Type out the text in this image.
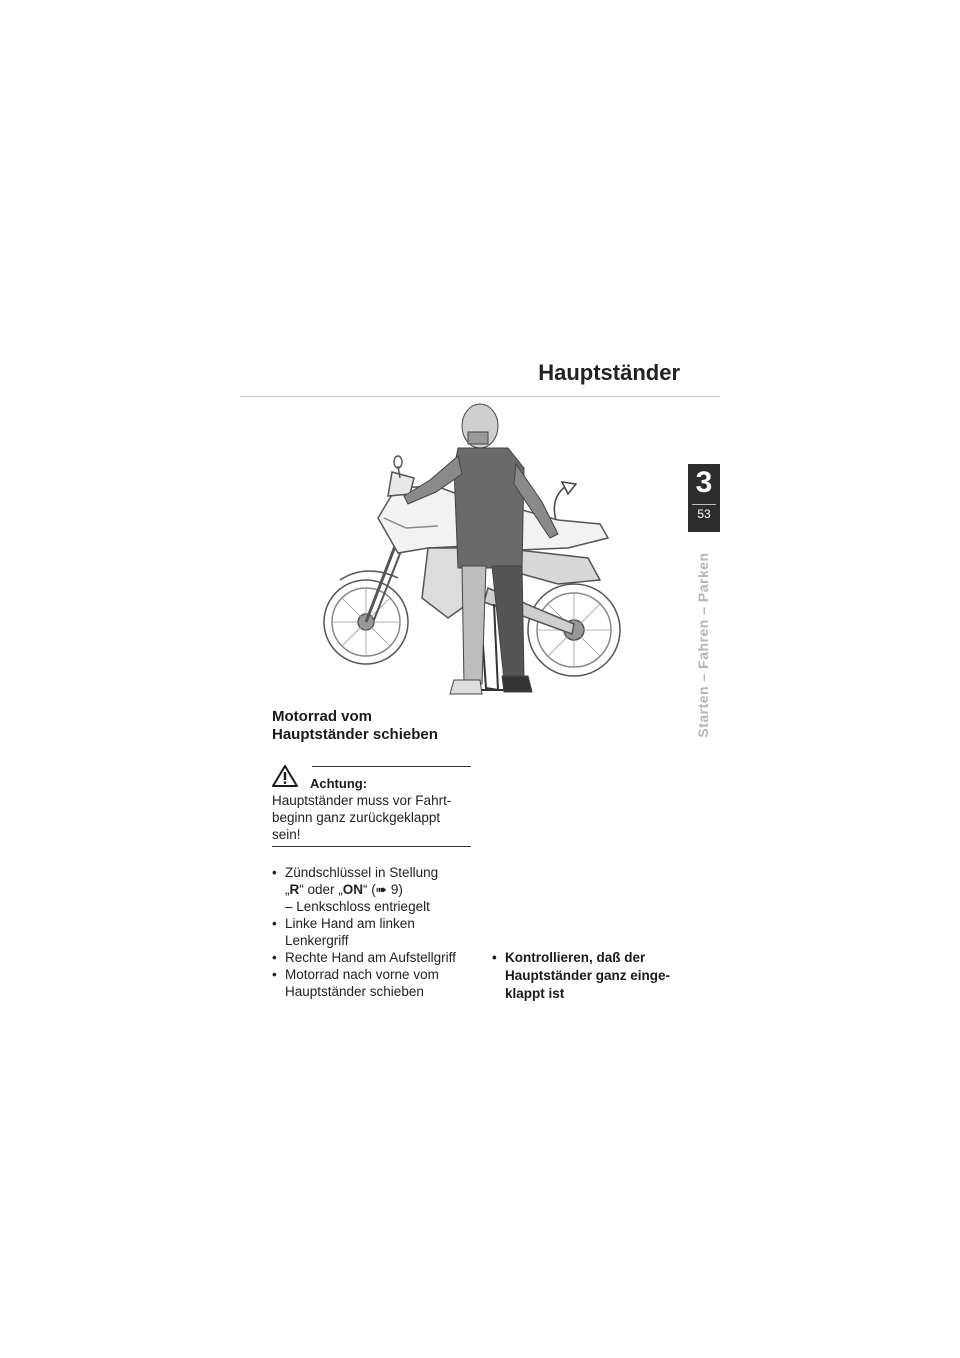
Hauptständer
3
53
Starten – Fahren – Parken
Motorrad vom
Hauptständer schieben
Achtung:
Hauptständer muss vor Fahrt-
beginn ganz zurückgeklappt
sein!
• Zündschlüssel in Stellung
„R“ oder „ON“ (➠ 9)
– Lenkschloss entriegelt
• Linke Hand am linken
Lenkergriff
• Rechte Hand am Aufstellgriff
• Motorrad nach vorne vom
Hauptständer schieben
• Kontrollieren, daß der
Hauptständer ganz einge-
klappt ist
